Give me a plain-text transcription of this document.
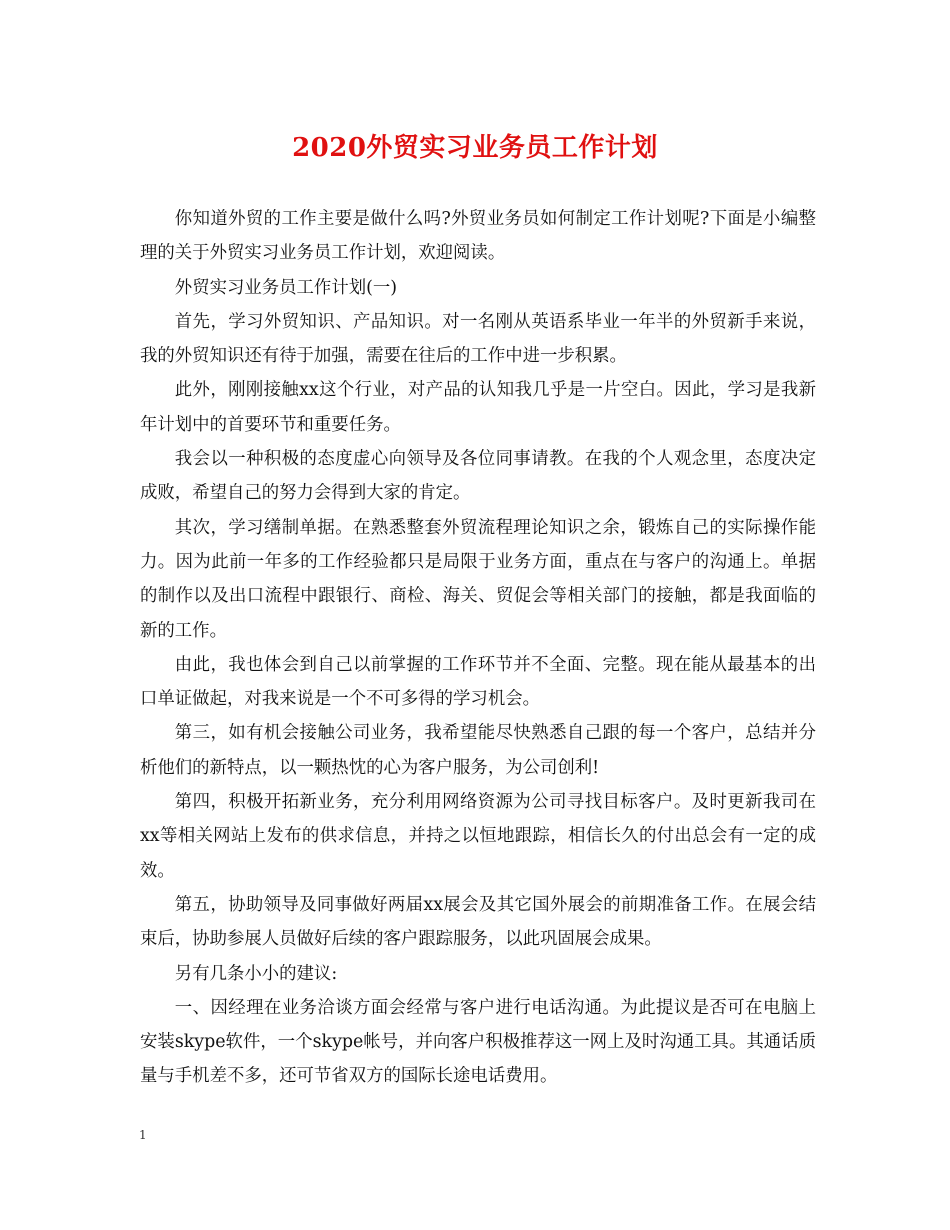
2020外贸实习业务员工作计划

你知道外贸的工作主要是做什么吗?外贸业务员如何制定工作计划呢?下面是小编整理的关于外贸实习业务员工作计划，欢迎阅读。

外贸实习业务员工作计划(一)

首先，学习外贸知识、产品知识。对一名刚从英语系毕业一年半的外贸新手来说，我的外贸知识还有待于加强，需要在往后的工作中进一步积累。

此外，刚刚接触xx这个行业，对产品的认知我几乎是一片空白。因此，学习是我新年计划中的首要环节和重要任务。

我会以一种积极的态度虚心向领导及各位同事请教。在我的个人观念里，态度决定成败，希望自己的努力会得到大家的肯定。

其次，学习缮制单据。在熟悉整套外贸流程理论知识之余，锻炼自己的实际操作能力。因为此前一年多的工作经验都只是局限于业务方面，重点在与客户的沟通上。单据的制作以及出口流程中跟银行、商检、海关、贸促会等相关部门的接触，都是我面临的新的工作。

由此，我也体会到自己以前掌握的工作环节并不全面、完整。现在能从最基本的出口单证做起，对我来说是一个不可多得的学习机会。

第三，如有机会接触公司业务，我希望能尽快熟悉自己跟的每一个客户，总结并分析他们的新特点，以一颗热忱的心为客户服务，为公司创利!

第四，积极开拓新业务，充分利用网络资源为公司寻找目标客户。及时更新我司在xx等相关网站上发布的供求信息，并持之以恒地跟踪，相信长久的付出总会有一定的成效。

第五，协助领导及同事做好两届xx展会及其它国外展会的前期准备工作。在展会结束后，协助参展人员做好后续的客户跟踪服务，以此巩固展会成果。

另有几条小小的建议:

一、因经理在业务洽谈方面会经常与客户进行电话沟通。为此提议是否可在电脑上安装skype软件，一个skype帐号，并向客户积极推荐这一网上及时沟通工具。其通话质量与手机差不多，还可节省双方的国际长途电话费用。

1
